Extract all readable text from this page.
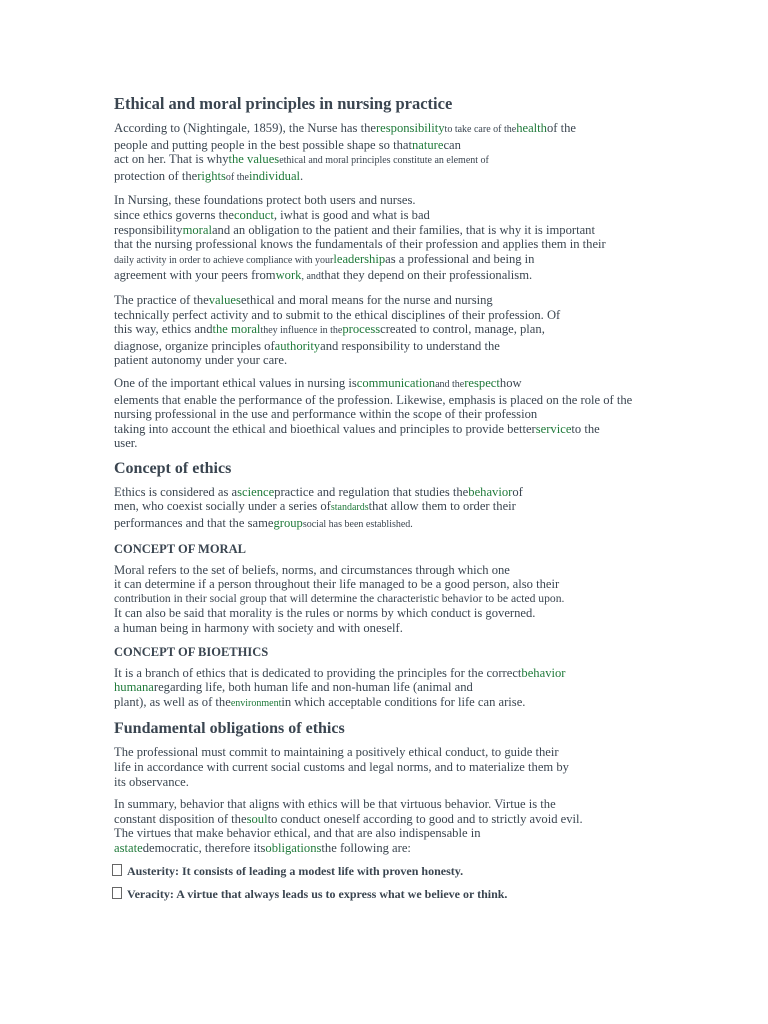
Ethical and moral principles in nursing practice
According to (Nightingale, 1859), the Nurse has theresponsibilityto take care of thehealthof the
people and putting people in the best possible shape so thatnaturecan
act on her. That is whythe valuesethical and moral principles constitute an element of
protection of therightsof theindividual.
In Nursing, these foundations protect both users and nurses.
since ethics governs theconduct, iwhat is good and what is bad
responsibilitymoraland an obligation to the patient and their families, that is why it is important
that the nursing professional knows the fundamentals of their profession and applies them in their
daily activity in order to achieve compliance with yourleadershipas a professional and being in
agreement with your peers fromwork, andthat they depend on their professionalism.
The practice of thevaluesethical and moral means for the nurse and nursing
technically perfect activity and to submit to the ethical disciplines of their profession. Of
this way, ethics andthe moralthey influence in theprocesscreated to control, manage, plan,
diagnose, organize principles ofauthorityand responsibility to understand the
patient autonomy under your care.
One of the important ethical values in nursing iscommunicationand therespecthow
elements that enable the performance of the profession. Likewise, emphasis is placed on the role of the
nursing professional in the use and performance within the scope of their profession
taking into account the ethical and bioethical values and principles to provide betterserviceto the
user.
Concept of ethics
Ethics is considered as asciencepractice and regulation that studies thebehaviorof
men, who coexist socially under a series ofstandardsthat allow them to order their
performances and that the samegroupsocial has been established.
CONCEPT OF MORAL
Moral refers to the set of beliefs, norms, and circumstances through which one
it can determine if a person throughout their life managed to be a good person, also their
contribution in their social group that will determine the characteristic behavior to be acted upon.
It can also be said that morality is the rules or norms by which conduct is governed.
a human being in harmony with society and with oneself.
CONCEPT OF BIOETHICS
It is a branch of ethics that is dedicated to providing the principles for the correctbehavior
humanaregarding life, both human life and non-human life (animal and
plant), as well as of theenvironmentin which acceptable conditions for life can arise.
Fundamental obligations of ethics
The professional must commit to maintaining a positively ethical conduct, to guide their
life in accordance with current social customs and legal norms, and to materialize them by
its observance.
In summary, behavior that aligns with ethics will be that virtuous behavior. Virtue is the
constant disposition of thesoulto conduct oneself according to good and to strictly avoid evil.
The virtues that make behavior ethical, and that are also indispensable in
astatedemocratic, therefore itsobligationsthe following are:
Austerity: It consists of leading a modest life with proven honesty.
Veracity: A virtue that always leads us to express what we believe or think.
